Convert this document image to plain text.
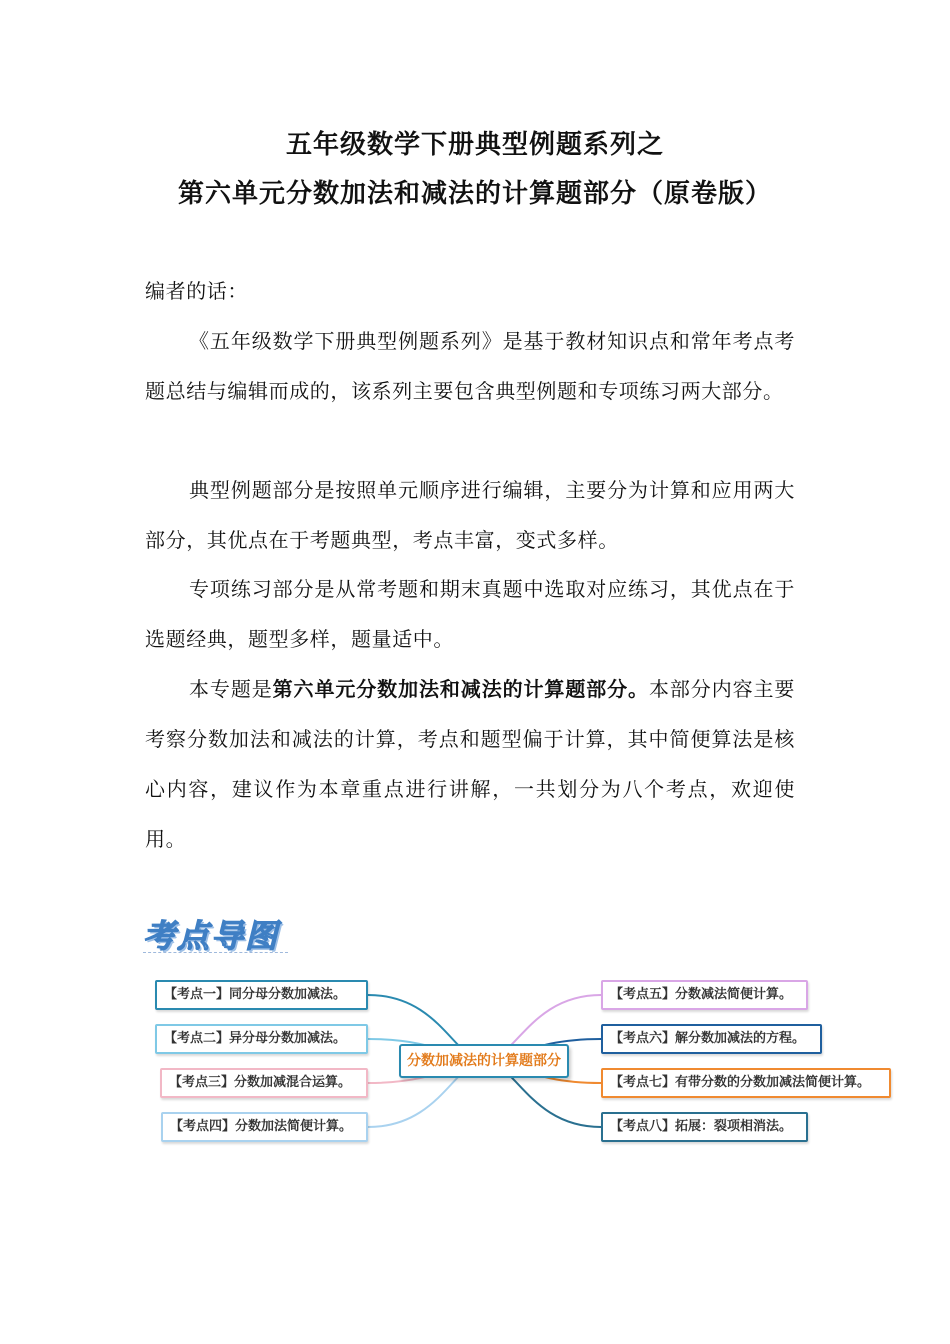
五年级数学下册典型例题系列之
第六单元分数加法和减法的计算题部分（原卷版）
编者的话：
《五年级数学下册典型例题系列》是基于教材知识点和常年考点考题总结与编辑而成的，该系列主要包含典型例题和专项练习两大部分。
典型例题部分是按照单元顺序进行编辑，主要分为计算和应用两大部分，其优点在于考题典型，考点丰富，变式多样。
专项练习部分是从常考题和期末真题中选取对应练习，其优点在于选题经典，题型多样，题量适中。
本专题是第六单元分数加法和减法的计算题部分。本部分内容主要考察分数加法和减法的计算，考点和题型偏于计算，其中简便算法是核心内容，建议作为本章重点进行讲解，一共划分为八个考点，欢迎使用。
考点导图
分数加减法的计算题部分
【考点一】同分母分数加减法。
【考点二】异分母分数加减法。
【考点三】分数加减混合运算。
【考点四】分数加法简便计算。
【考点五】分数减法简便计算。
【考点六】解分数加减法的方程。
【考点七】有带分数的分数加减法简便计算。
【考点八】拓展：裂项相消法。
